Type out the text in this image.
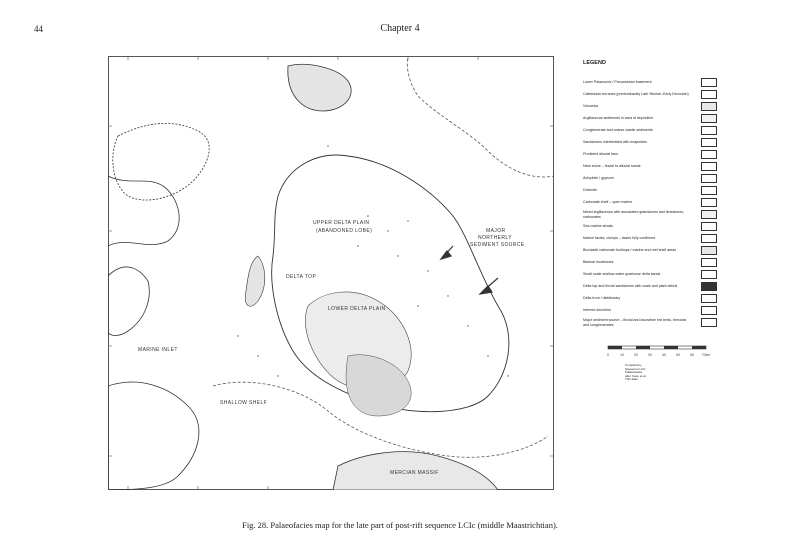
44	Chapter 4
UPPER DELTA PLAIN
(ABANDONED LOBE)
DELTA TOP
LOWER DELTA PLAIN
MARINE INLET
SHALLOW SHELF
MAJOR
NORTHERLY
SEDIMENT SOURCE
MERCIAN MASSIF
LEGEND
Lower Palaeozoic / Precambrian basement
Caledonian terranes (predominantly Late Silurian–Early Devonian)
Volcanics
Argillaceous sediments in area of deposition
Conglomerate and coarse clastic sediments
Sandstones interbedded with evaporites
Predicted alluvial fans
Near shore – fluvial to alluvial sands
Anhydrite / gypsum
Dolomite
Carbonate shelf – open marine
Mixed argillaceous with associated grainstones and limestones, carbonates
Sea-marine shoals
Marine facies, clumps – facies fully confirmed
Bioclastic carbonate buildups / marine and reef shell areas
Basinal mudstones
Small scale shallow water quartzose delta sands
Delta top and fluvial sandstones with coals and plant debris
Delta front / distributary
Inferred shoreline
Major sediment source – fluvial and lacustrine red beds, breccias and conglomerates
0	10	20	30	40	50	60 70km
Compiled by
Sequence LCIc
Palaeofacies
after Cope et al.
This atlas
Fig. 28. Palaeofacies map for the late part of post-rift sequence LCIc (middle Maastrichtian).
